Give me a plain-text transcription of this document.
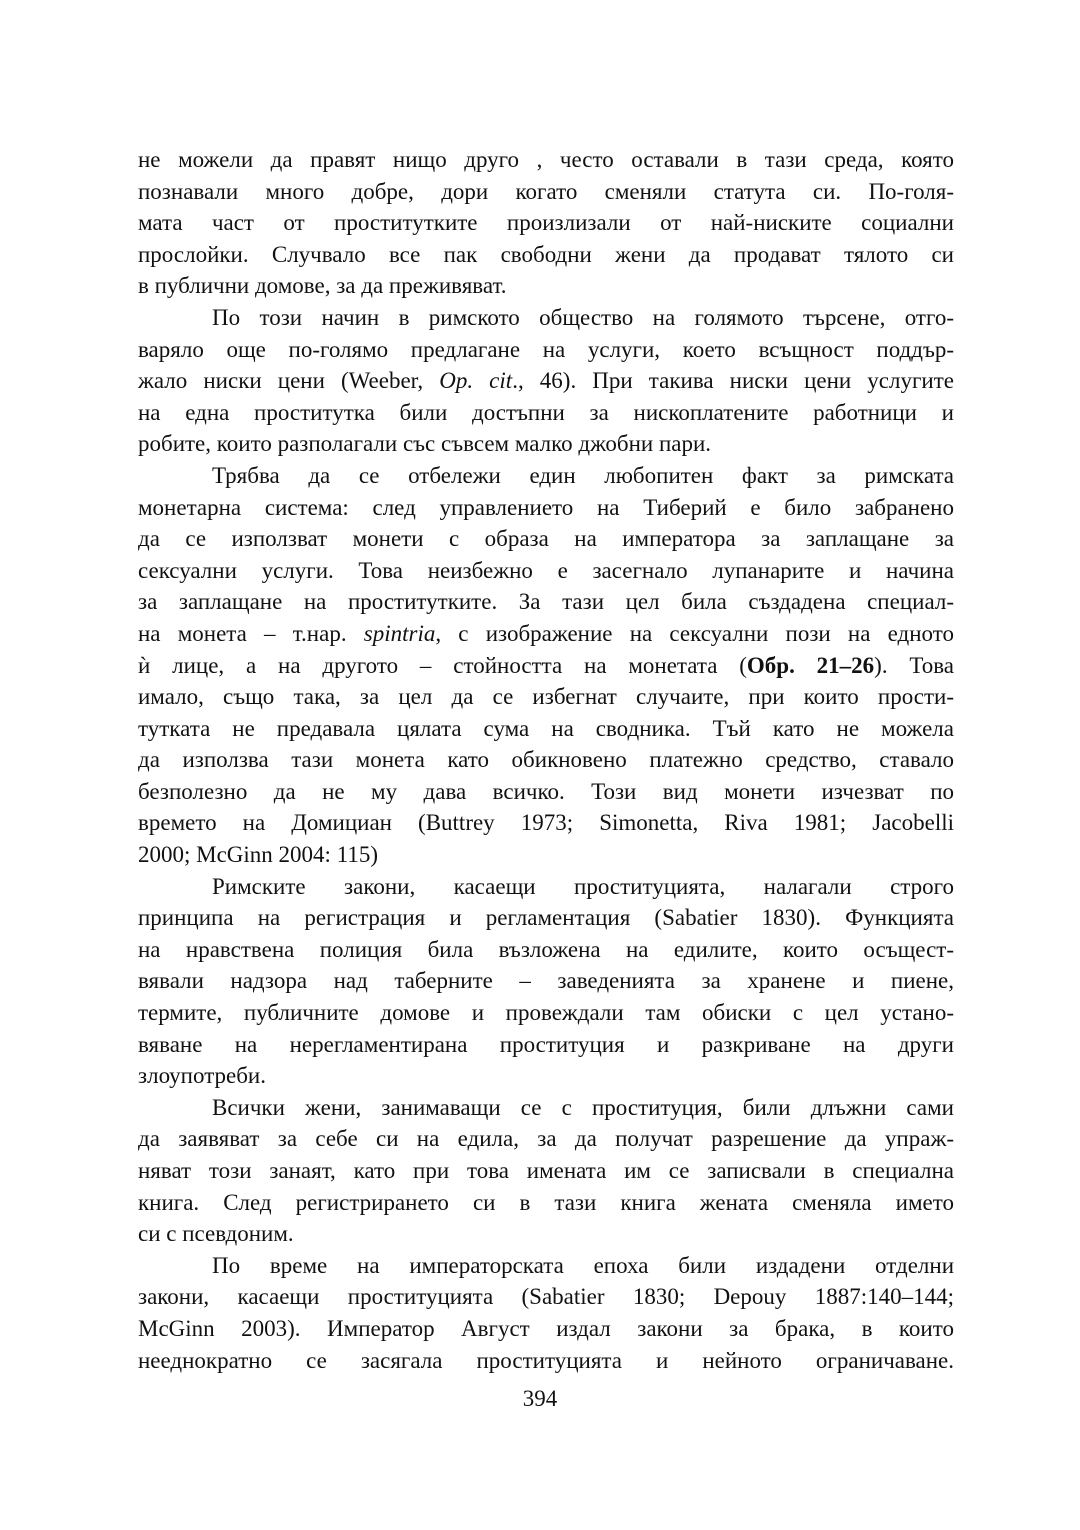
не можели да правят нищо друго , често оставали в тази среда, която
познавали много добре, дори когато сменяли статута си. По-голя-
мата част от проститутките произлизали от най-ниските социални
прослойки. Случвало все пак свободни жени да продават тялото си
в публични домове, за да преживяват.

По този начин в римското общество на голямото търсене, отго-
варяло още по-голямо предлагане на услуги, което всъщност поддър-
жало ниски цени (Weeber, Op. cit., 46). При такива ниски цени услугите
на една проститутка били достъпни за нископлатените работници и
робите, които разполагали със съвсем малко джобни пари.

Трябва да се отбележи един любопитен факт за римската
монетарна система: след управлението на Тиберий е било забранено
да се използват монети с образа на императора за заплащане за
сексуални услуги. Това неизбежно е засегнало лупанарите и начина
за заплащане на проститутките. За тази цел била създадена специал-
на монета – т.нар. spintria, с изображение на сексуални пози на едното
ѝ лице, а на другото – стойността на монетата (Обр. 21–26). Това
имало, също така, за цел да се избегнат случаите, при които прости-
тутката не предавала цялата сума на сводника. Тъй като не можела
да използва тази монета като обикновено платежно средство, ставало
безполезно да не му дава всичко. Този вид монети изчезват по
времето на Домициан (Buttrey 1973; Simonetta, Riva 1981; Jacobelli
2000; McGinn 2004: 115)

Римските закони, касаещи проституцията, налагали строго
принципа на регистрация и регламентация (Sabatier 1830). Функцията
на нравствена полиция била възложена на едилите, които осъщест-
вявали надзора над таберните – заведенията за хранене и пиене,
термите, публичните домове и провеждали там обиски с цел устано-
вяване на нерегламентирана проституция и разкриване на други
злоупотреби.

Всички жени, занимаващи се с проституция, били длъжни сами
да заявяват за себе си на едила, за да получат разрешение да упраж-
няват този занаят, като при това имената им се записвали в специална
книга. След регистрирането си в тази книга жената сменяла името
си с псевдоним.

По време на императорската епоха били издадени отделни
закони, касаещи проституцията (Sabatier 1830; Depouy 1887:140–144;
McGinn 2003). Император Август издал закони за брака, в които
нееднократно се засягала проституцията и нейното ограничаване.

394
